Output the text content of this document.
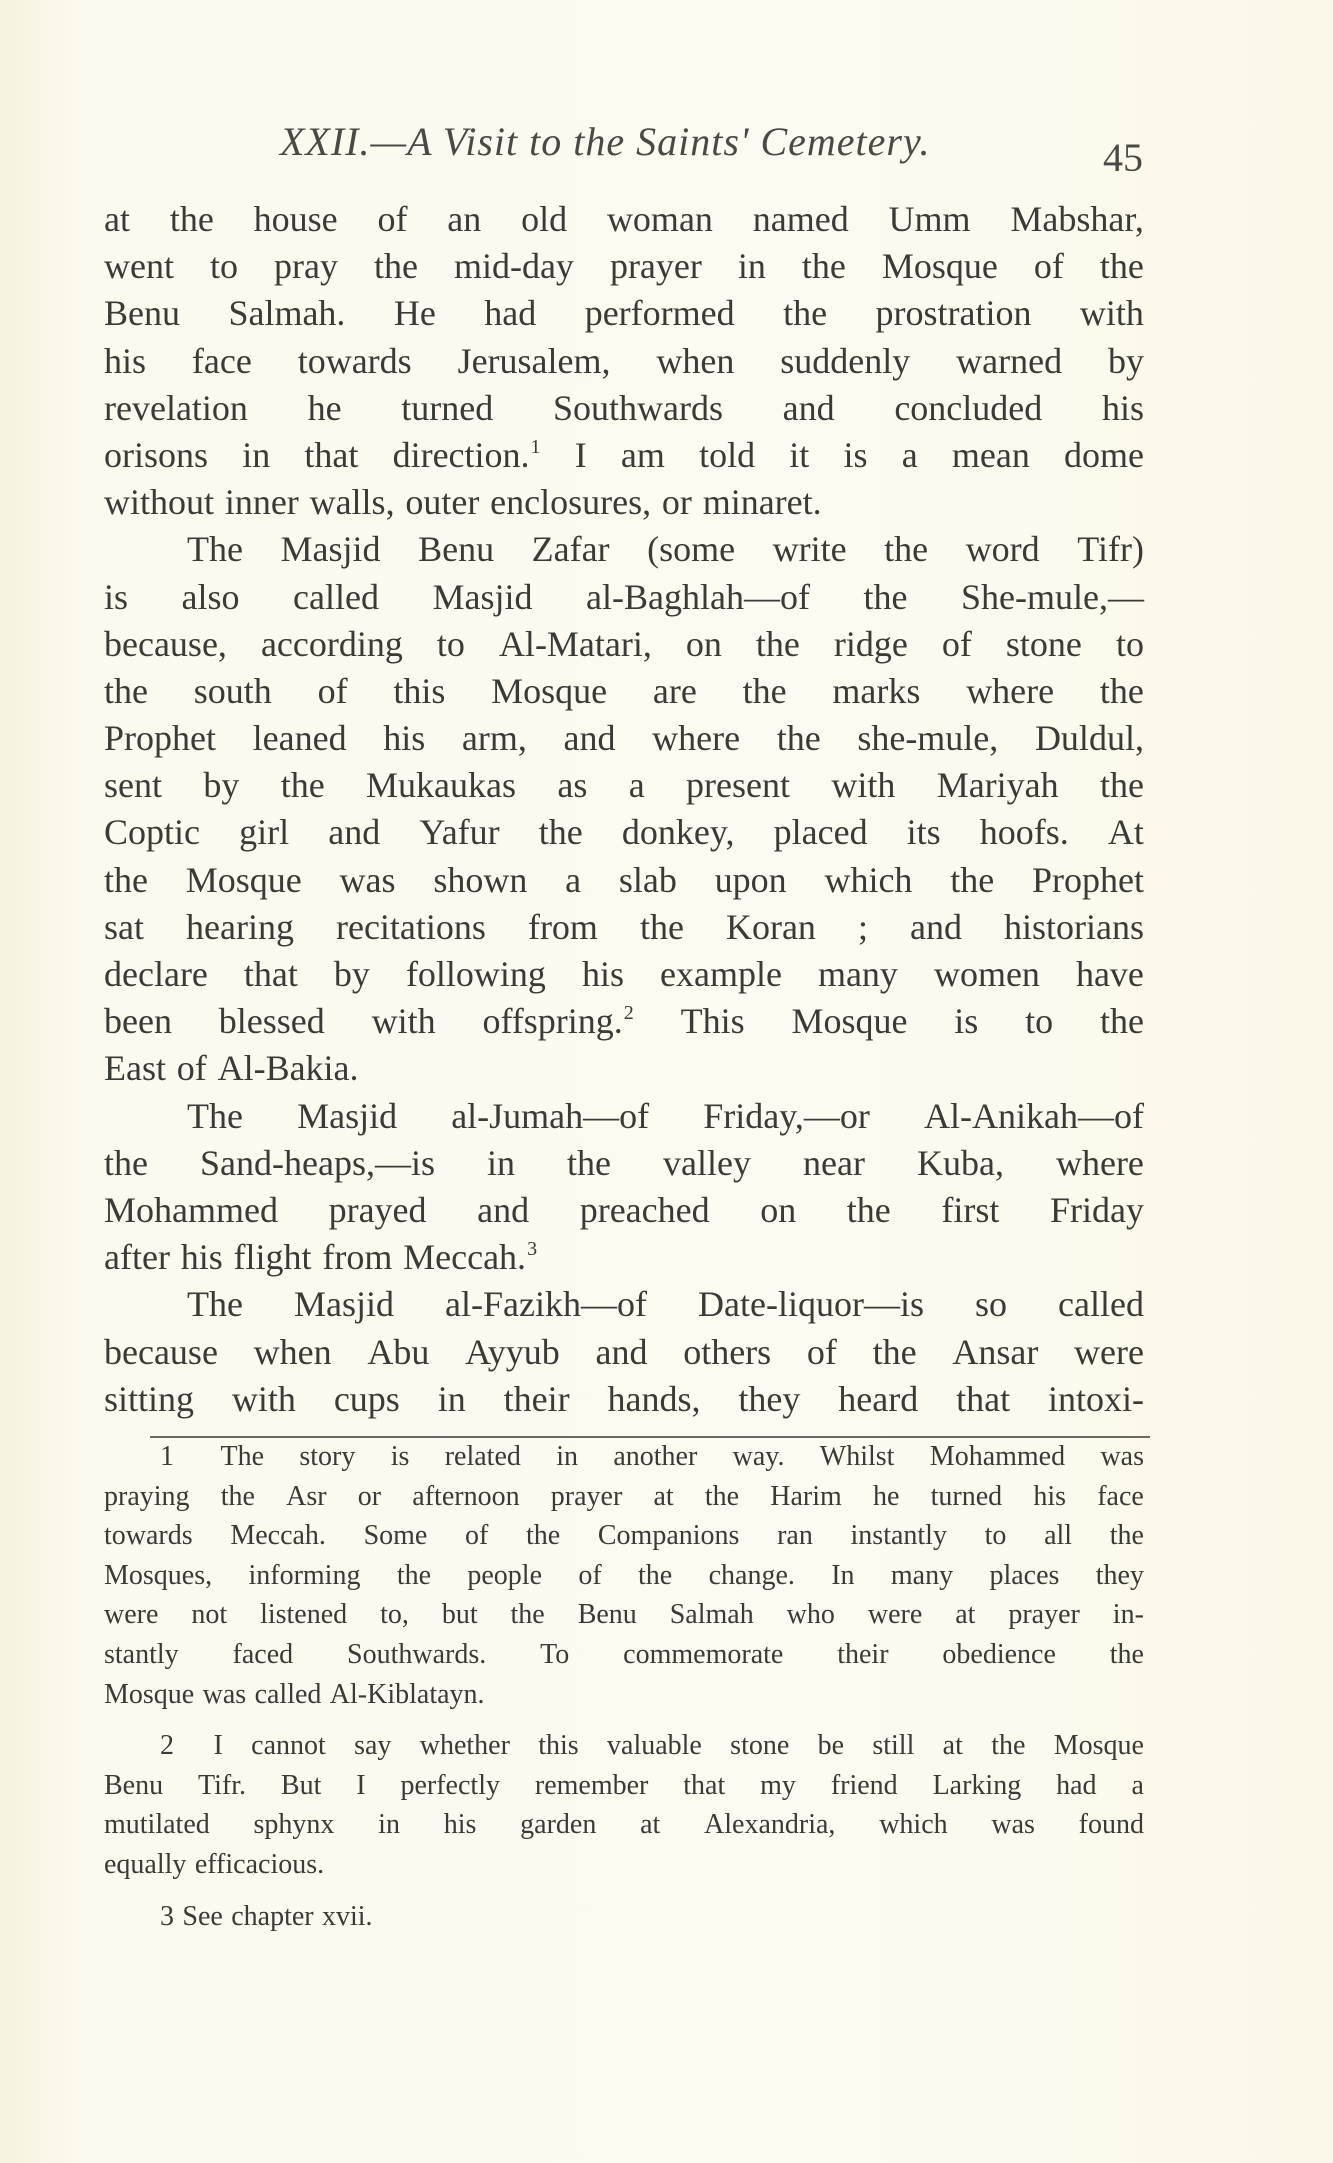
XXII.—A Visit to the Saints' Cemetery.	45
at the house of an old woman named Umm Mabshar,
went to pray the mid-day prayer in the Mosque of the
Benu Salmah. He had performed the prostration with
his face towards Jerusalem, when suddenly warned by
revelation he turned Southwards and concluded his
orisons in that direction.$^1$ I am told it is a mean dome
without inner walls, outer enclosures, or minaret.
The Masjid Benu Zafar (some write the word Tifr)
is also called Masjid al-Baghlah—of the She-mule,—
because, according to Al-Matari, on the ridge of stone to
the south of this Mosque are the marks where the
Prophet leaned his arm, and where the she-mule, Duldul,
sent by the Mukaukas as a present with Mariyah the
Coptic girl and Yafur the donkey, placed its hoofs. At
the Mosque was shown a slab upon which the Prophet
sat hearing recitations from the Koran ; and historians
declare that by following his example many women have
been blessed with offspring.$^2$ This Mosque is to the
East of Al-Bakia.
The Masjid al-Jumah—of Friday,—or Al-Anikah—of
the Sand-heaps,—is in the valley near Kuba, where
Mohammed prayed and preached on the first Friday
after his flight from Meccah.$^3$
The Masjid al-Fazikh—of Date-liquor—is so called
because when Abu Ayyub and others of the Ansar were
sitting with cups in their hands, they heard that intoxi-
1 The story is related in another way. Whilst Mohammed was
praying the Asr or afternoon prayer at the Harim he turned his face
towards Meccah. Some of the Companions ran instantly to all the
Mosques, informing the people of the change. In many places they
were not listened to, but the Benu Salmah who were at prayer in-
stantly faced Southwards. To commemorate their obedience the
Mosque was called Al-Kiblatayn.
2 I cannot say whether this valuable stone be still at the Mosque
Benu Tifr. But I perfectly remember that my friend Larking had a
mutilated sphynx in his garden at Alexandria, which was found
equally efficacious.
3 See chapter xvii.
